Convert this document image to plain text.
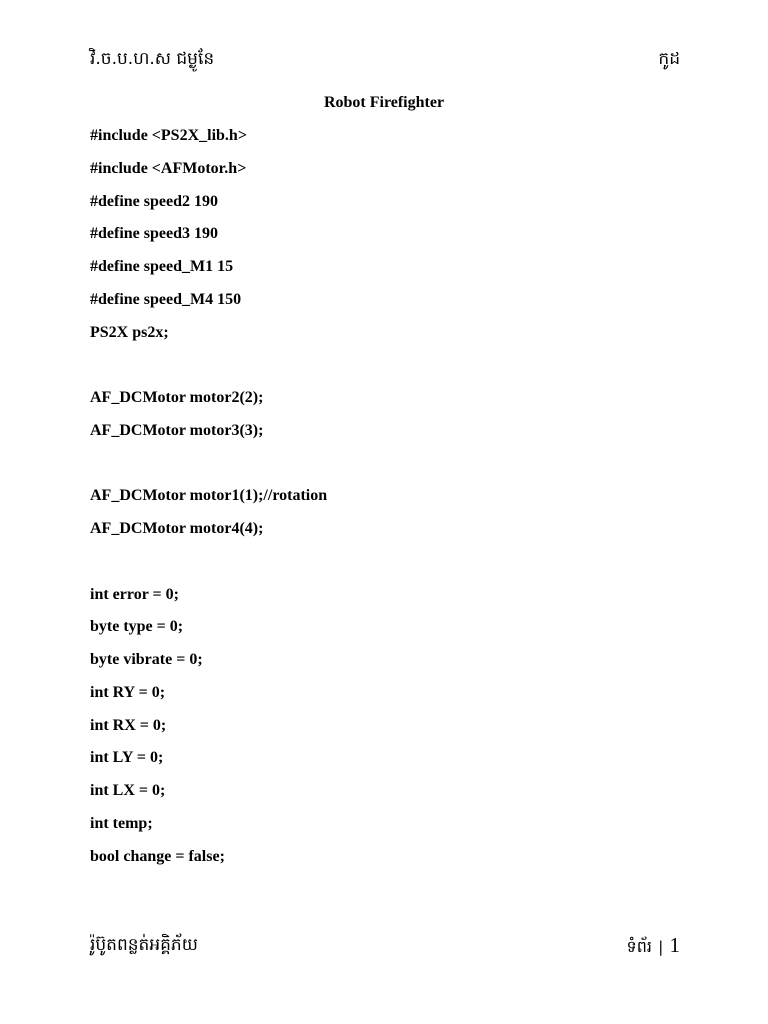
វិ.ច.ប.ហ.ស ជម្ងូនែ	កូដ
Robot Firefighter
#include <PS2X_lib.h>
#include <AFMotor.h>
#define speed2 190
#define speed3 190
#define speed_M1 15
#define speed_M4 150
PS2X ps2x;
AF_DCMotor motor2(2);
AF_DCMotor motor3(3);
AF_DCMotor motor1(1);//rotation
AF_DCMotor motor4(4);
int error = 0;
byte type = 0;
byte vibrate = 0;
int RY = 0;
int RX = 0;
int LY = 0;
int LX = 0;
int temp;
bool change = false;
រ៉ូប៊ូតពន្លត់អគ្គិភ័យ	ទំព័រ | 1
